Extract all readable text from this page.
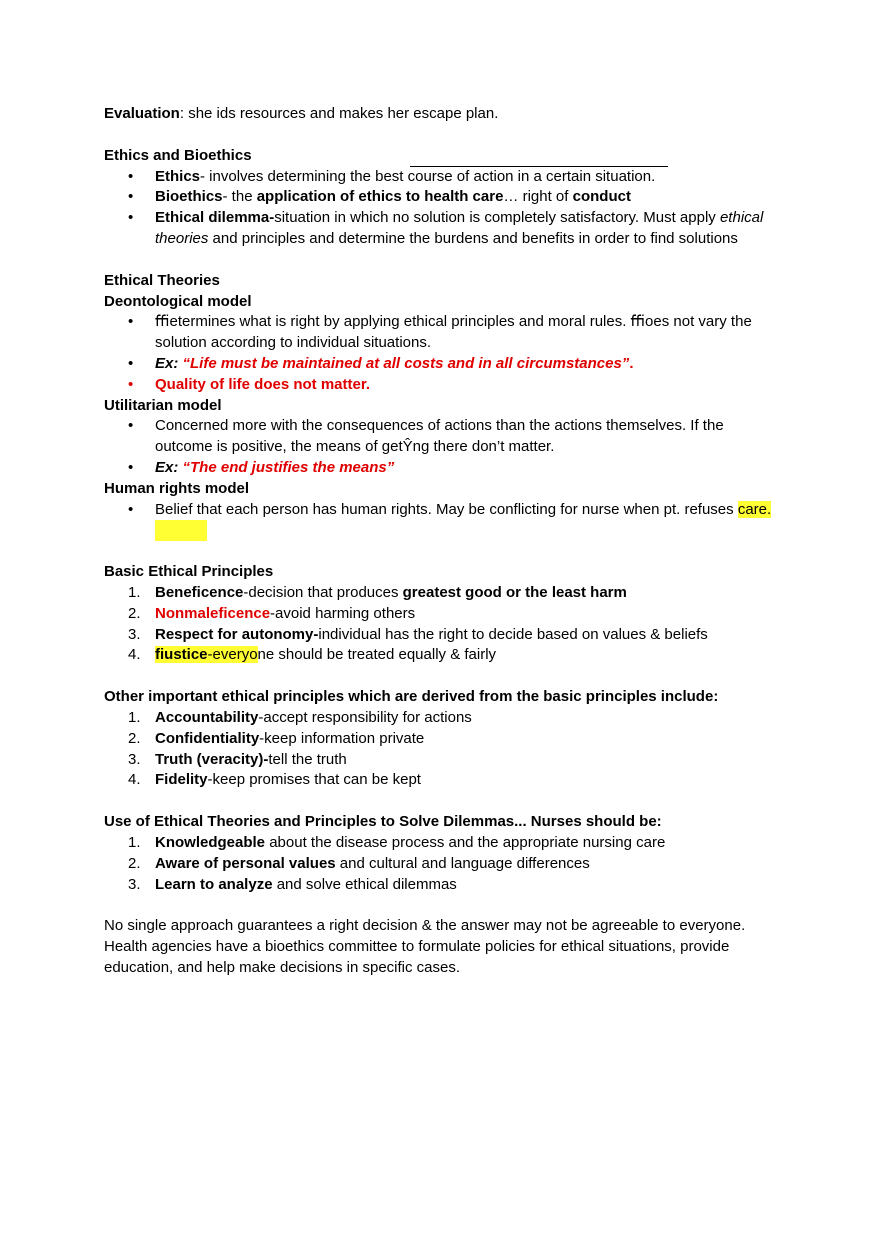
Evaluation: she ids resources and makes her escape plan.

Ethics and Bioethics

• Ethics- involves determining the best course of action in a certain situation.
• Bioethics- the application of ethics to health care… right of conduct
• Ethical dilemma-situation in which no solution is completely satisfactory. Must apply ethical theories and principles and determine the burdens and benefits in order to find solutions

Ethical Theories

Deontological model

• ﬃetermines what is right by applying ethical principles and moral rules. ﬃoes not vary the solution according to individual situations.
• Ex: “Life must be maintained at all costs and in all circumstances”.
• Quality of life does not matter.

Utilitarian model

• Concerned more with the consequences of actions than the actions themselves. If the outcome is positive, the means of getŶng there don’t matter.
• Ex: “The end justifies the means”

Human rights model

• Belief that each person has human rights. May be conflicting for nurse when pt. refuses care.

Basic Ethical Principles

1. Beneficence-decision that produces greatest good or the least harm
2. Nonmaleficence-avoid harming others
3. Respect for autonomy-individual has the right to decide based on values & beliefs
4. ﬁustice-everyone should be treated equally & fairly

Other important ethical principles which are derived from the basic principles include:

1. Accountability-accept responsibility for actions
2. Confidentiality-keep information private
3. Truth (veracity)-tell the truth
4. Fidelity-keep promises that can be kept

Use of Ethical Theories and Principles to Solve Dilemmas... Nurses should be:

1. Knowledgeable about the disease process and the appropriate nursing care
2. Aware of personal values and cultural and language differences
3. Learn to analyze and solve ethical dilemmas

No single approach guarantees a right decision & the answer may not be agreeable to everyone. Health agencies have a bioethics committee to formulate policies for ethical situations, provide education, and help make decisions in specific cases.
